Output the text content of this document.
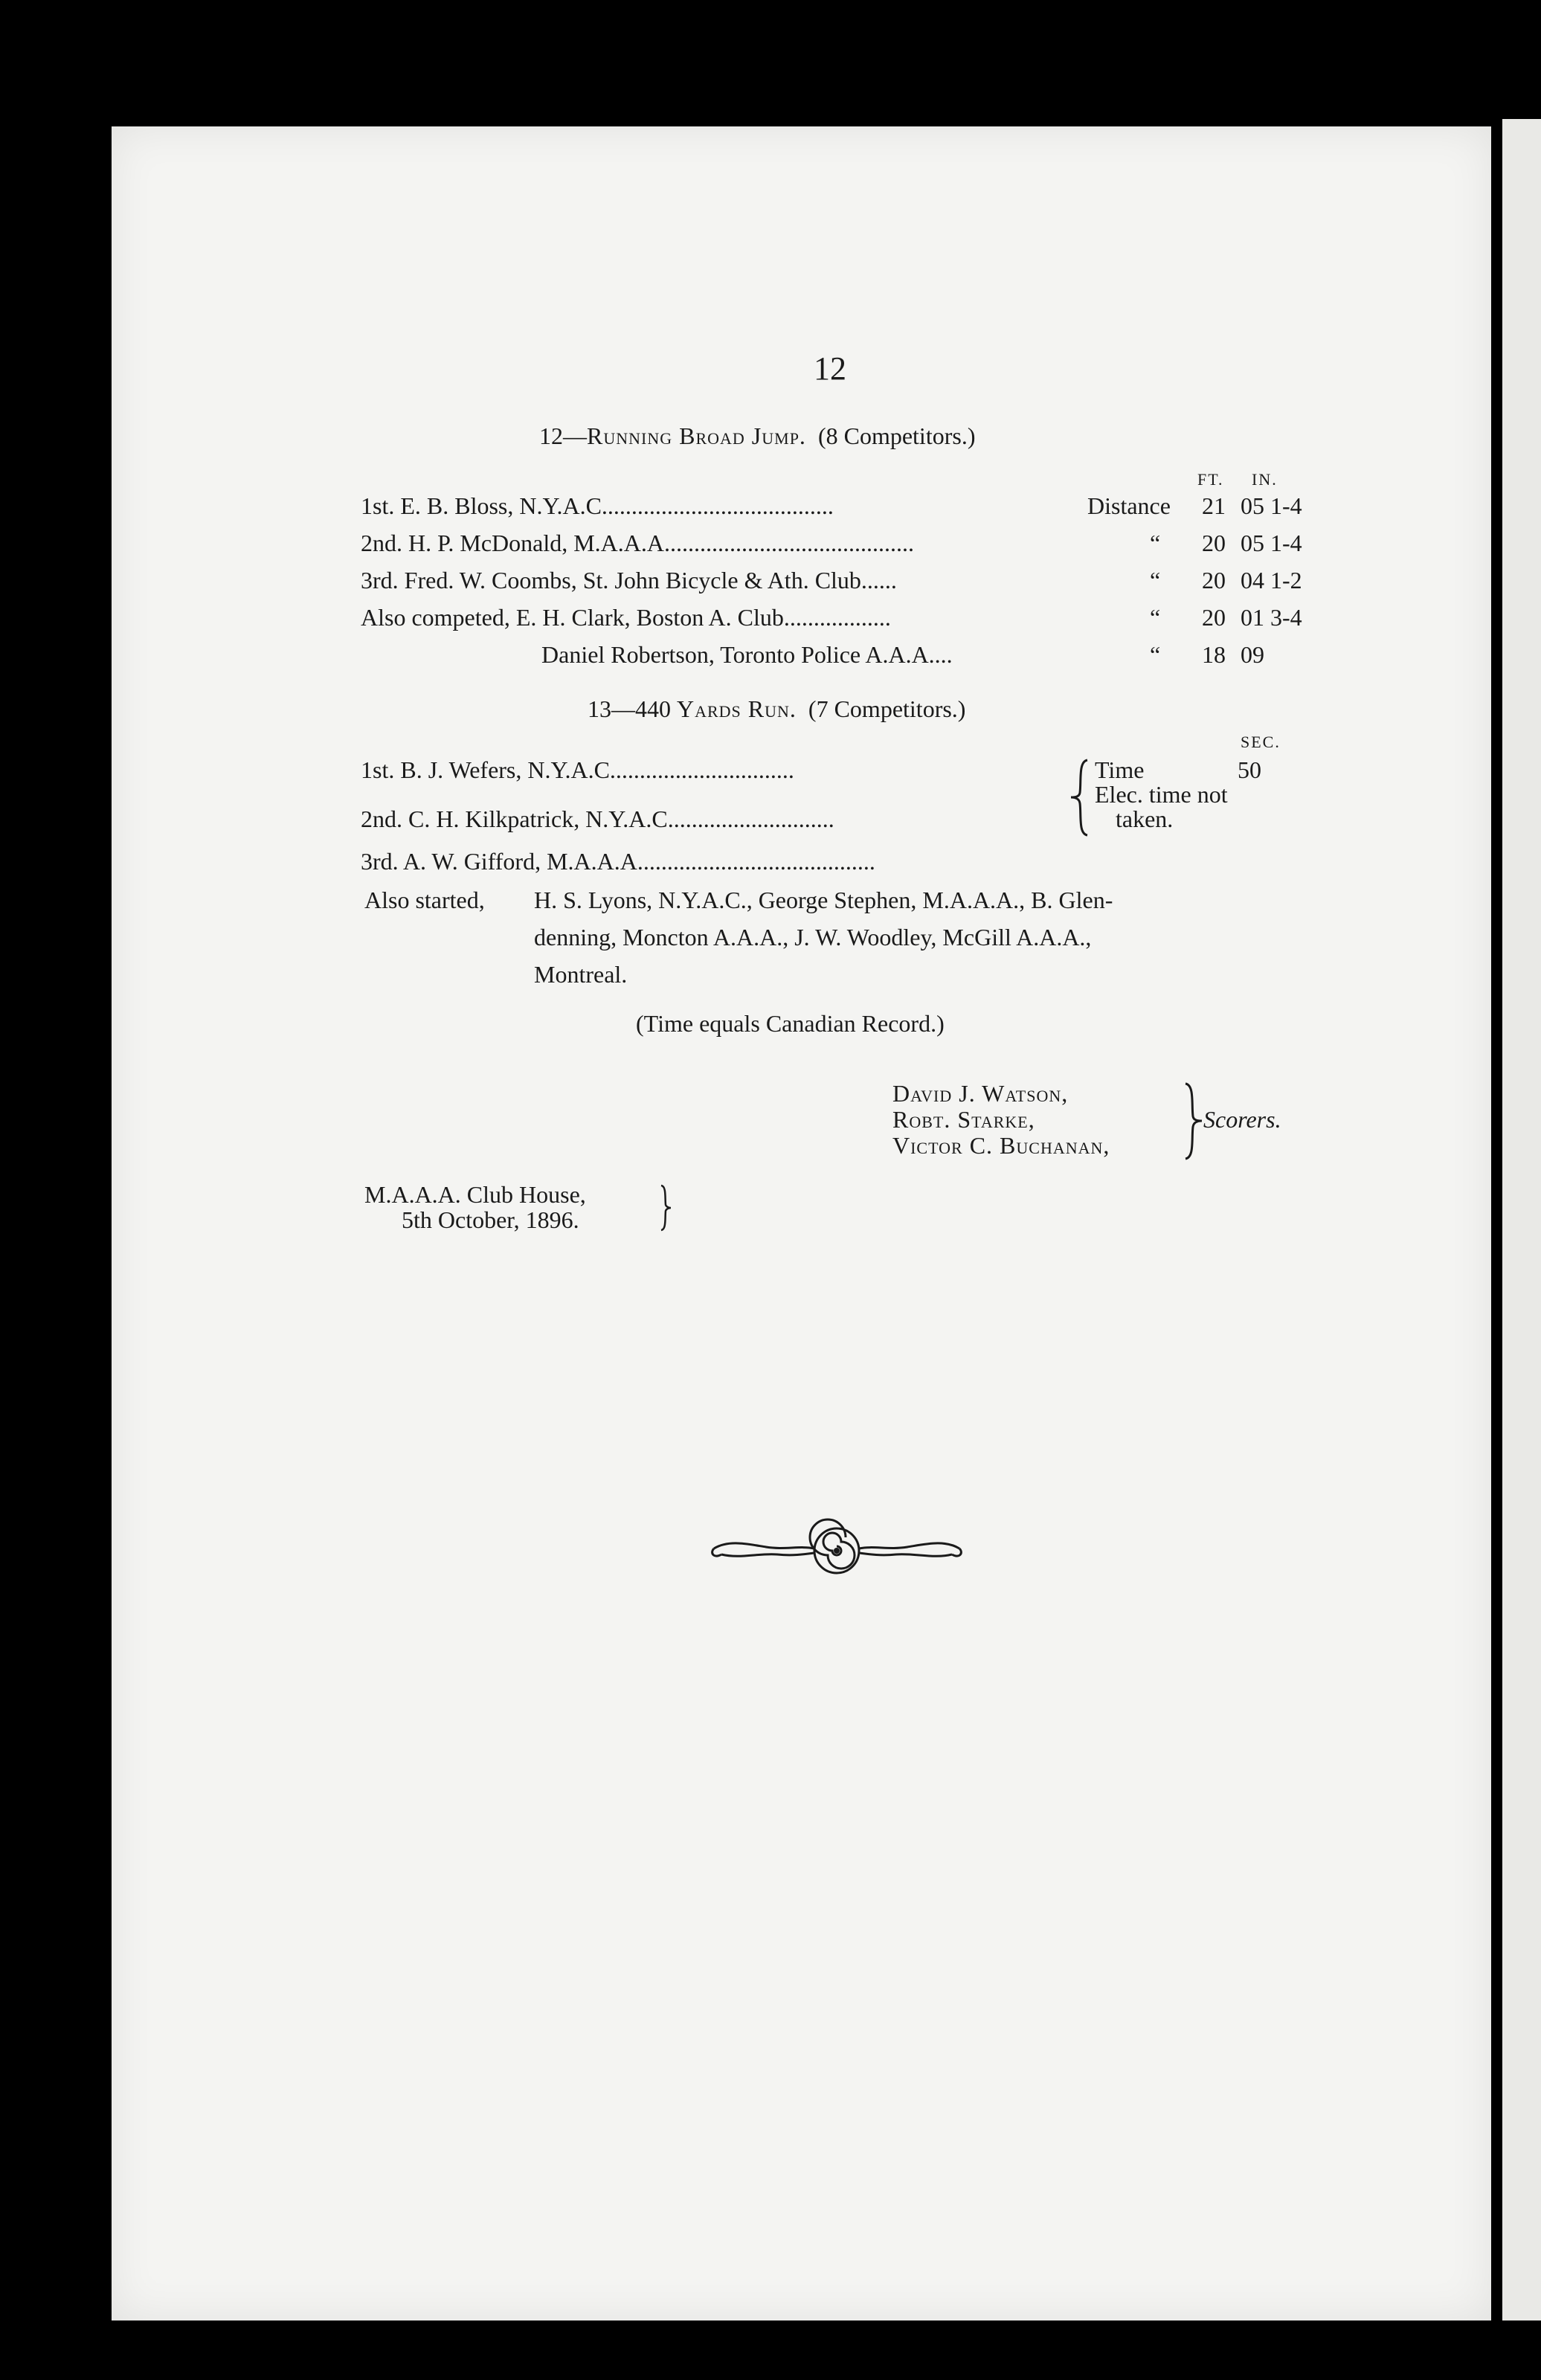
12
12—Running Broad Jump. (8 Competitors.)
FT. IN.
1st. E. B. Bloss, N.Y.A.C.......................................	Distance 21 05 1-4
2nd. H. P. McDonald, M.A.A.A..........................................	“ 20 05 1-4
3rd. Fred. W. Coombs, St. John Bicycle & Ath. Club......	“ 20 04 1-2
Also competed, E. H. Clark, Boston A. Club..................	“ 20 01 3-4
Daniel Robertson, Toronto Police A.A.A....	“ 18 09
13—440 Yards Run. (7 Competitors.)
SEC.
1st. B. J. Wefers, N.Y.A.C...............................	Time	50
Elec. time not
taken.
2nd. C. H. Kilkpatrick, N.Y.A.C............................
3rd. A. W. Gifford, M.A.A.A........................................
Also started, H. S. Lyons, N.Y.A.C., George Stephen, M.A.A.A., B. Glen-
denning, Moncton A.A.A., J. W. Woodley, McGill A.A.A.,
Montreal.
(Time equals Canadian Record.)
David J. Watson,
Robt. Starke,
Victor C. Buchanan,
Scorers.
M.A.A.A. Club House,
5th October, 1896.
